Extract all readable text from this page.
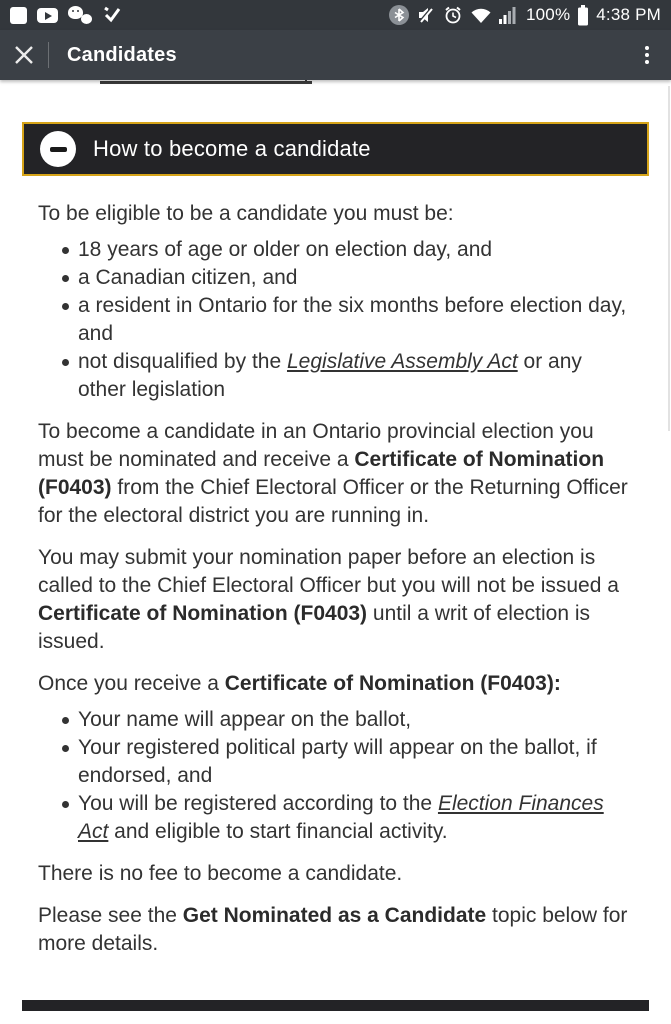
100% 4:38 PM
Candidates
How to become a candidate

To be eligible to be a candidate you must be:

18 years of age or older on election day, and
a Canadian citizen, and
a resident in Ontario for the six months before election day, and
not disqualified by the Legislative Assembly Act or any other legislation

To become a candidate in an Ontario provincial election you must be nominated and receive a Certificate of Nomination (F0403) from the Chief Electoral Officer or the Returning Officer for the electoral district you are running in.

You may submit your nomination paper before an election is called to the Chief Electoral Officer but you will not be issued a Certificate of Nomination (F0403) until a writ of election is issued.

Once you receive a Certificate of Nomination (F0403):

Your name will appear on the ballot,
Your registered political party will appear on the ballot, if endorsed, and
You will be registered according to the Election Finances Act and eligible to start financial activity.

There is no fee to become a candidate.

Please see the Get Nominated as a Candidate topic below for more details.
